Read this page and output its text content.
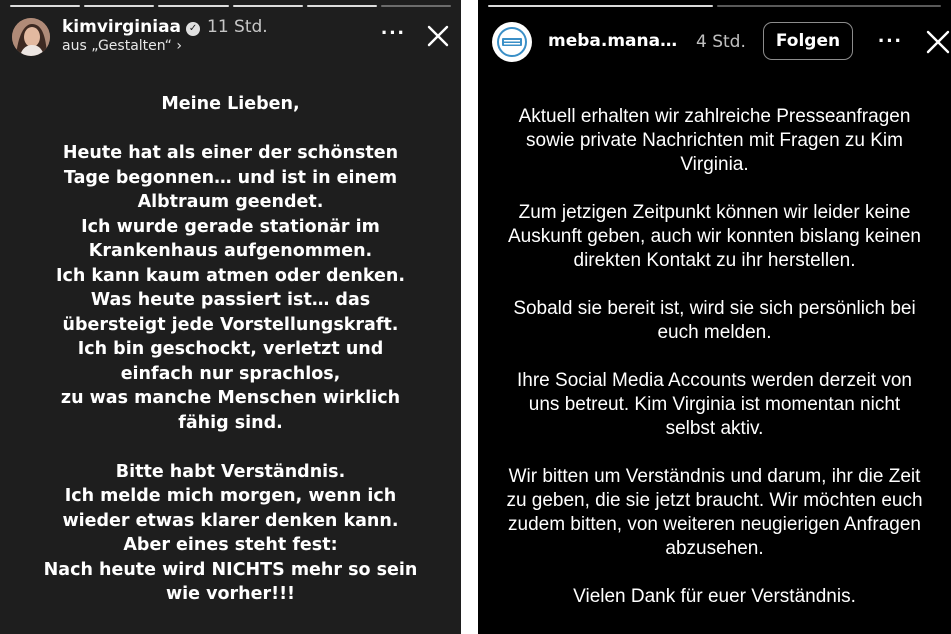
kimvirginiaa ✓ 11 Std.
aus „Gestalten“ ›
···

Meine Lieben,

Heute hat als einer der schönsten

Tage begonnen… und ist in einem

Albtraum geendet.

Ich wurde gerade stationär im

Krankenhaus aufgenommen.

Ich kann kaum atmen oder denken.

Was heute passiert ist… das

übersteigt jede Vorstellungskraft.

Ich bin geschockt, verletzt und

einfach nur sprachlos,

zu was manche Menschen wirklich

fähig sind.

Bitte habt Verständnis.

Ich melde mich morgen, wenn ich

wieder etwas klarer denken kann.

Aber eines steht fest:

Nach heute wird NICHTS mehr so sein

wie vorher!!!

meba.mana… 4 Std.	Folgen	···

Aktuell erhalten wir zahlreiche Presseanfragen

sowie private Nachrichten mit Fragen zu Kim

Virginia.

Zum jetzigen Zeitpunkt können wir leider keine

Auskunft geben, auch wir konnten bislang keinen

direkten Kontakt zu ihr herstellen.

Sobald sie bereit ist, wird sie sich persönlich bei

euch melden.

Ihre Social Media Accounts werden derzeit von

uns betreut. Kim Virginia ist momentan nicht

selbst aktiv.

Wir bitten um Verständnis und darum, ihr die Zeit

zu geben, die sie jetzt braucht. Wir möchten euch

zudem bitten, von weiteren neugierigen Anfragen

abzusehen.

Vielen Dank für euer Verständnis.
